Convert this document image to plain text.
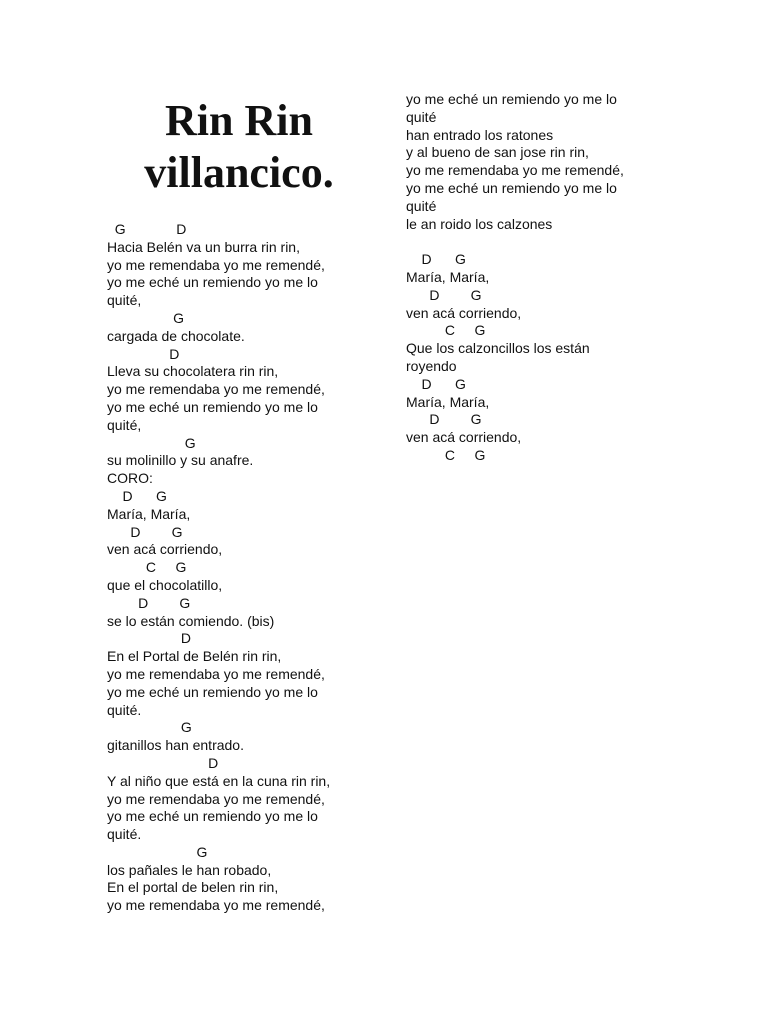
Rin Rin
villancico.
G             D
Hacia Belén va un burra rin rin,
yo me remendaba yo me remendé,
yo me eché un remiendo yo me lo
quité,
G
cargada de chocolate.
D
Lleva su chocolatera rin rin,
yo me remendaba yo me remendé,
yo me eché un remiendo yo me lo
quité,
G
su molinillo y su anafre.
CORO:
D      G
María, María,
D        G
ven acá corriendo,
C     G
que el chocolatillo,
D        G
se lo están comiendo. (bis)
D
En el Portal de Belén rin rin,
yo me remendaba yo me remendé,
yo me eché un remiendo yo me lo
quité.
G
gitanillos han entrado.
D
Y al niño que está en la cuna rin rin,
yo me remendaba yo me remendé,
yo me eché un remiendo yo me lo
quité.
G
los pañales le han robado,
En el portal de belen rin rin,
yo me remendaba yo me remendé,
yo me eché un remiendo yo me lo
quité
han entrado los ratones
y al bueno de san jose rin rin,
yo me remendaba yo me remendé,
yo me eché un remiendo yo me lo
quité
le an roido los calzones
D      G
María, María,
D        G
ven acá corriendo,
C     G
Que los calzoncillos los están
royendo
D      G
María, María,
D        G
ven acá corriendo,
C     G
